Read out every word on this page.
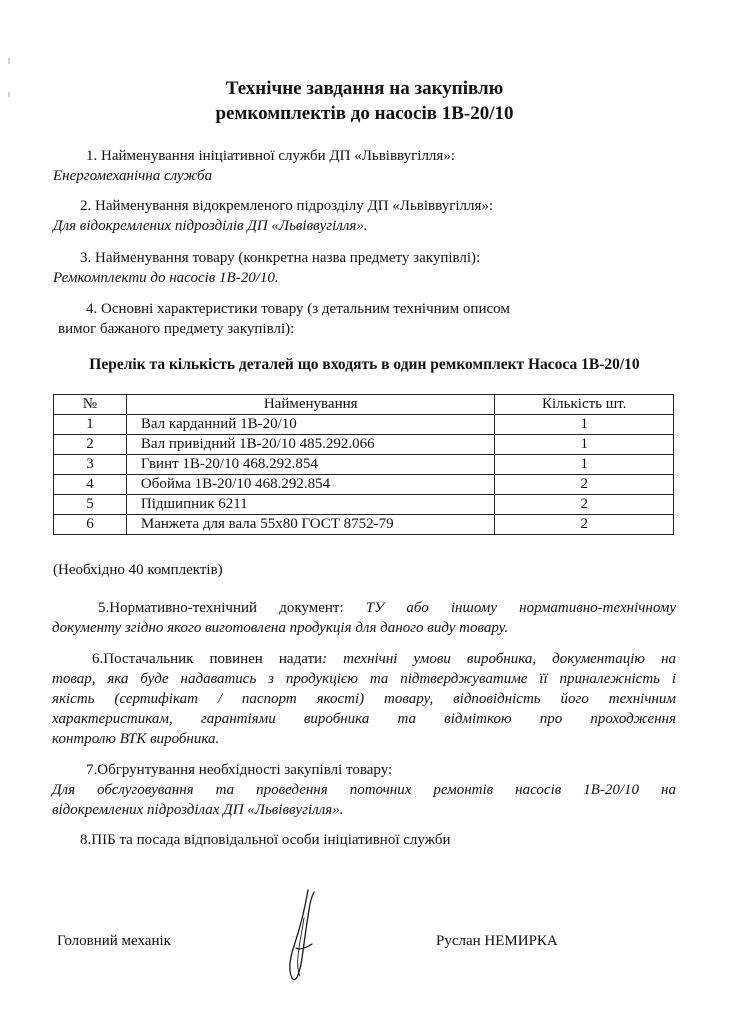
Технічне завдання на закупівлю
ремкомплектів до насосів 1В-20/10
1. Найменування ініціативної служби ДП «Львіввугілля»:
Енергомеханічна служба
2. Найменування відокремленого підрозділу ДП «Львіввугілля»:
Для відокремлених підрозділів ДП «Львіввугілля».
3. Найменування товару (конкретна назва предмету закупівлі):
Ремкомплекти до насосів 1В-20/10.
4. Основні характеристики товару (з детальним технічним описом
вимог бажаного предмету закупівлі):
Перелік та кількість деталей що входять в один ремкомплект Насоса 1В-20/10
№	Найменування	Кількість шт.
1	Вал карданний 1В-20/10	1
2	Вал привідний 1В-20/10 485.292.066	1
3	Гвинт 1В-20/10 468.292.854	1
4	Обойма 1В-20/10 468.292.854	2
5	Підшипник 6211	2
6	Манжета для вала 55х80 ГОСТ 8752-79	2
(Необхідно 40 комплектів)
5.Нормативно-технічний документ: ТУ або іншому нормативно-технічному
документу згідно якого виготовлена продукція для даного виду товару.
6.Постачальник повинен надати: технічні умови виробника, документацію на
товар, яка буде надаватись з продукцією та підтверджуватиме її приналежність і
якість (сертифікат / паспорт якості) товару, відповідність його технічним
характеристикам, гарантіями виробника та відміткою про проходження
контролю ВТК виробника.
7.Обгрунтування необхідності закупівлі товару:
Для обслуговування та проведення поточних ремонтів насосів 1В-20/10 на
відокремлених підрозділах ДП «Львіввугілля».
8.ПІБ та посада відповідальної особи ініціативної служби
Головний механік	Руслан НЕМИРКА
